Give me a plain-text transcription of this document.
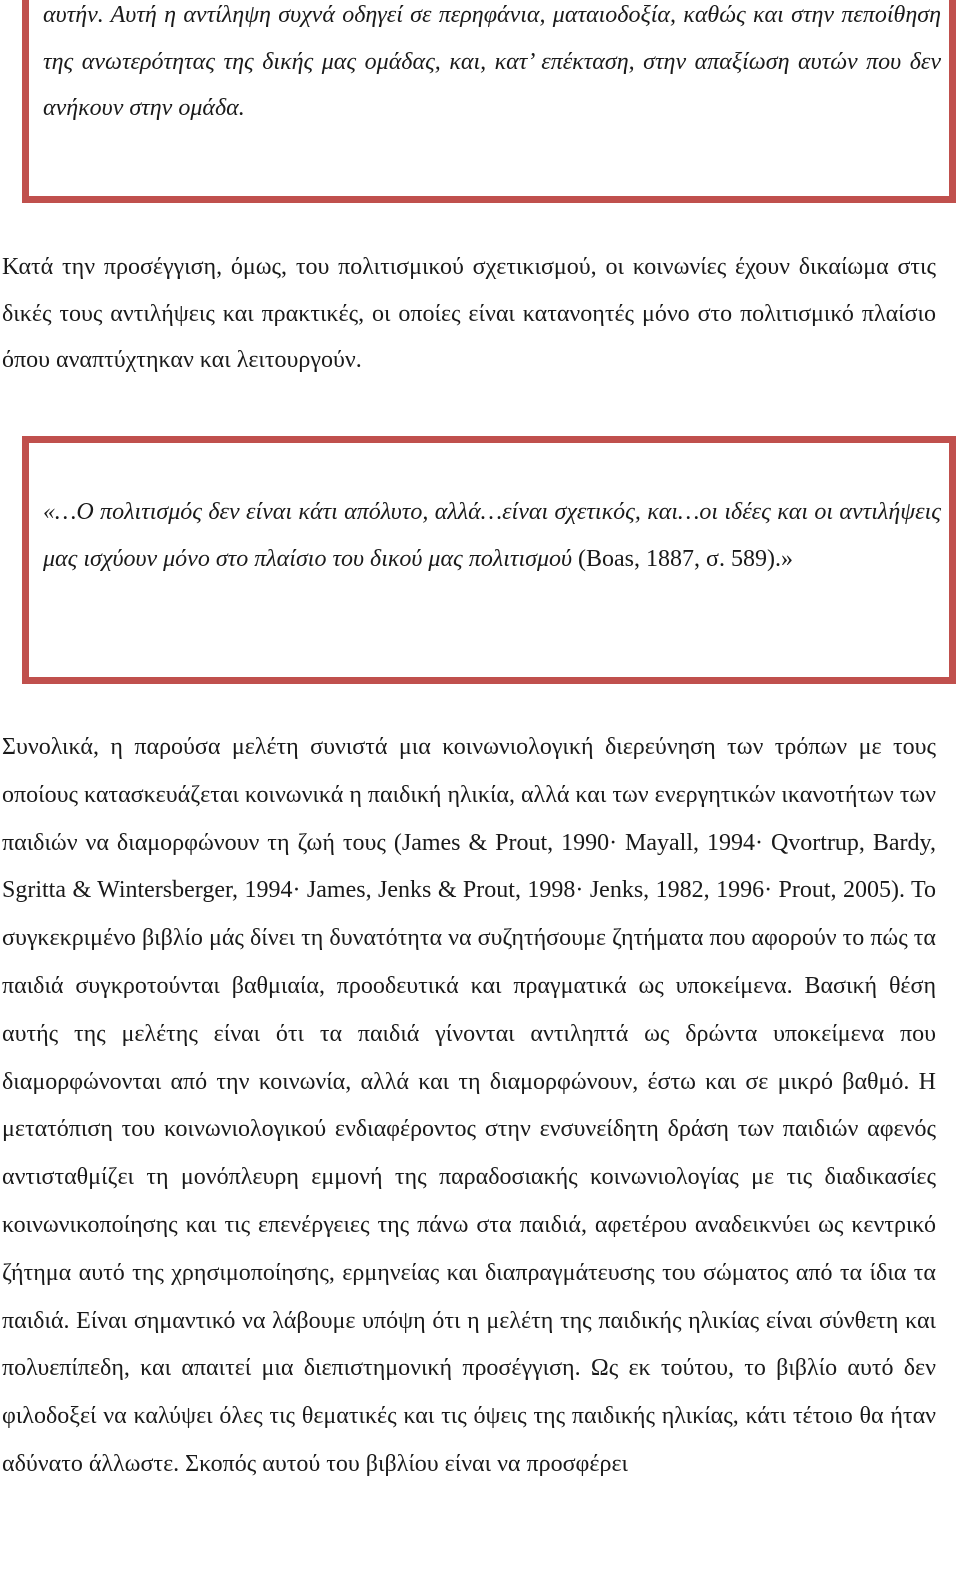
αυτήν. Αυτή η αντίληψη συχνά οδηγεί σε περηφάνια, ματαιοδοξία, καθώς και στην πεποίθηση της ανωτερότητας της δικής μας ομάδας, και, κατ’ επέκταση, στην απαξίωση αυτών που δεν ανήκουν στην ομάδα.

Κατά την προσέγγιση, όμως, του πολιτισμικού σχετικισμού, οι κοινωνίες έχουν δικαίωμα στις δικές τους αντιλήψεις και πρακτικές, οι οποίες είναι κατανοητές μόνο στο πολιτισμικό πλαίσιο όπου αναπτύχτηκαν και λειτουργούν.

«…Ο πολιτισμός δεν είναι κάτι απόλυτο, αλλά…είναι σχετικός, και…οι ιδέες και οι αντιλήψεις μας ισχύουν μόνο στο πλαίσιο του δικού μας πολιτισμού (Boas, 1887, σ. 589).»

Συνολικά, η παρούσα μελέτη συνιστά μια κοινωνιολογική διερεύνηση των τρόπων με τους οποίους κατασκευάζεται κοινωνικά η παιδική ηλικία, αλλά και των ενεργητικών ικανοτήτων των παιδιών να διαμορφώνουν τη ζωή τους (James & Prout, 1990· Mayall, 1994· Qvortrup, Bardy, Sgritta & Wintersberger, 1994· James, Jenks & Prout, 1998· Jenks, 1982, 1996· Prout, 2005). Το συγκεκριμένο βιβλίο μάς δίνει τη δυνατότητα να συζητήσουμε ζητήματα που αφορούν το πώς τα παιδιά συγκροτούνται βαθμιαία, προοδευτικά και πραγματικά ως υποκείμενα. Βασική θέση αυτής της μελέτης είναι ότι τα παιδιά γίνονται αντιληπτά ως δρώντα υποκείμενα που διαμορφώνονται από την κοινωνία, αλλά και τη διαμορφώνουν, έστω και σε μικρό βαθμό. Η μετατόπιση του κοινωνιολογικού ενδιαφέροντος στην ενσυνείδητη δράση των παιδιών αφενός αντισταθμίζει τη μονόπλευρη εμμονή της παραδοσιακής κοινωνιολογίας με τις διαδικασίες κοινωνικοποίησης και τις επενέργειες της πάνω στα παιδιά, αφετέρου αναδεικνύει ως κεντρικό ζήτημα αυτό της χρησιμοποίησης, ερμηνείας και διαπραγμάτευσης του σώματος από τα ίδια τα παιδιά. Είναι σημαντικό να λάβουμε υπόψη ότι η μελέτη της παιδικής ηλικίας είναι σύνθετη και πολυεπίπεδη, και απαιτεί μια διεπιστημονική προσέγγιση. Ως εκ τούτου, το βιβλίο αυτό δεν φιλοδοξεί να καλύψει όλες τις θεματικές και τις όψεις της παιδικής ηλικίας, κάτι τέτοιο θα ήταν αδύνατο άλλωστε. Σκοπός αυτού του βιβλίου είναι να προσφέρει
